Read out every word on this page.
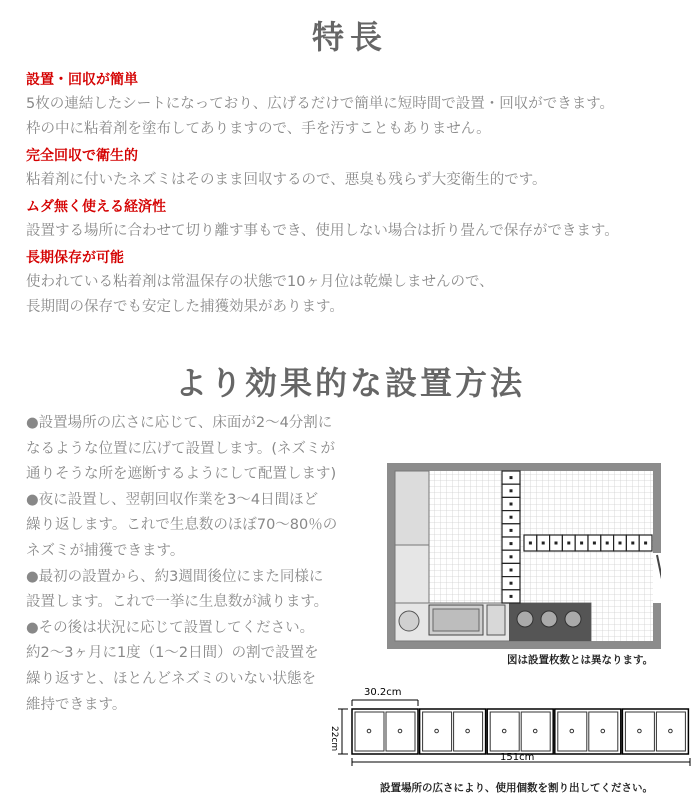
特長
設置・回収が簡単

5枚の連結したシートになっており、広げるだけで簡単に短時間で設置・回収ができます。

枠の中に粘着剤を塗布してありますので、手を汚すこともありません。

完全回収で衛生的

粘着剤に付いたネズミはそのまま回収するので、悪臭も残らず大変衛生的です。

ムダ無く使える経済性

設置する場所に合わせて切り離す事もでき、使用しない場合は折り畳んで保存ができます。

長期保存が可能

使われている粘着剤は常温保存の状態で10ヶ月位は乾燥しませんので、

長期間の保存でも安定した捕獲効果があります。

より効果的な設置方法
●設置場所の広さに応じて、床面が2〜4分割に
なるような位置に広げて設置します。(ネズミが
通りそうな所を遮断するようにして配置します)
●夜に設置し、翌朝回収作業を3〜4日間ほど
繰り返します。これで生息数のほぼ70〜80％の
ネズミが捕獲できます。
●最初の設置から、約3週間後位にまた同様に
設置します。これで一挙に生息数が減ります。
●その後は状況に応じて設置してください。
約2〜3ヶ月に1度（1〜2日間）の割で設置を
繰り返すと、ほとんどネズミのいない状態を
維持できます。
図は設置枚数とは異なります。
30.2cm
22cm
151cm
設置場所の広さにより、使用個数を割り出してください。
